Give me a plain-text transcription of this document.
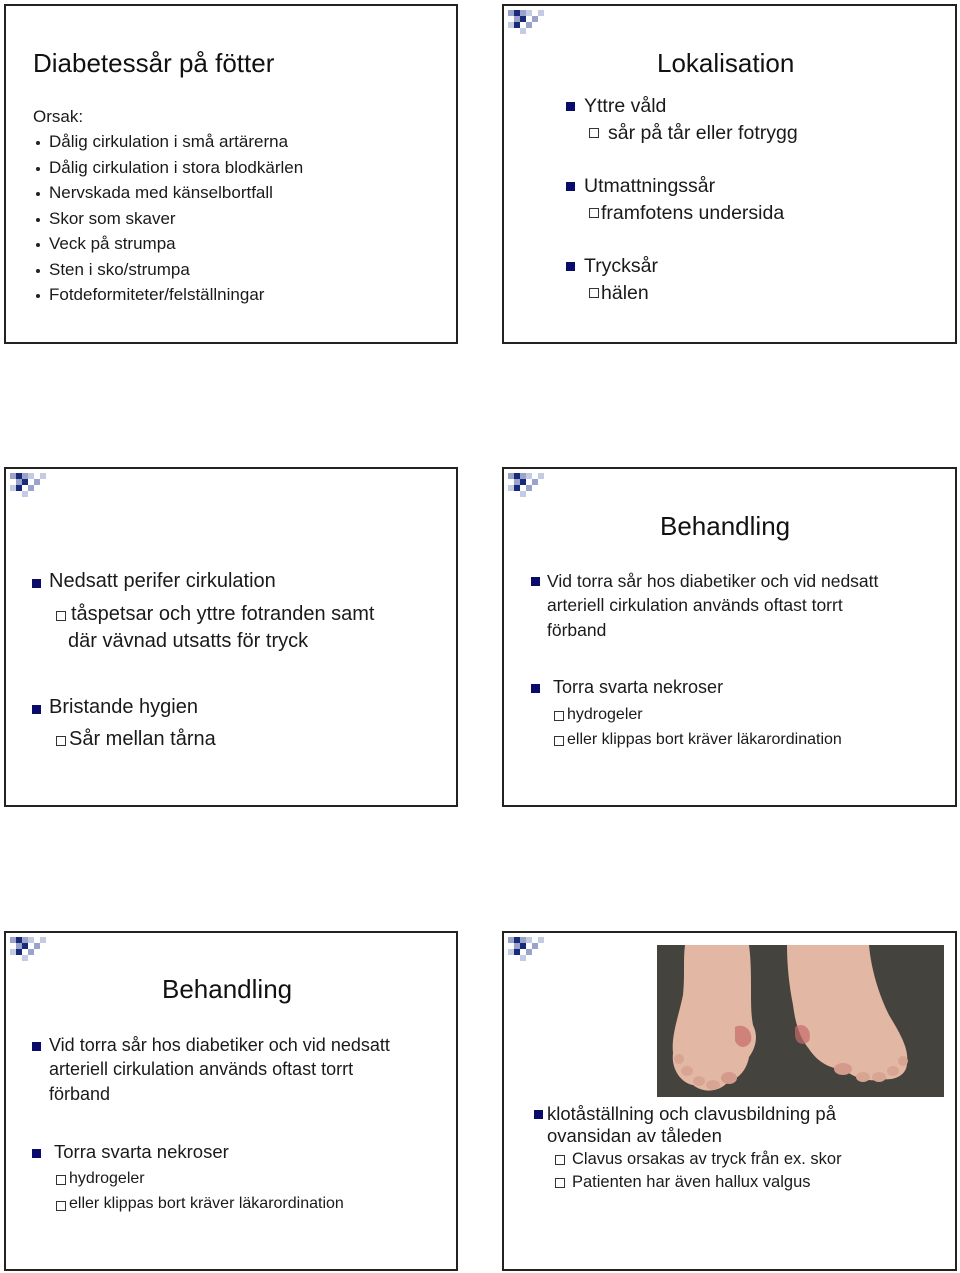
Diabetessår på fötter
Orsak:
Dålig cirkulation i små artärerna
Dålig cirkulation i stora blodkärlen
Nervskada med känselbortfall
Skor som skaver
Veck på strumpa
Sten i sko/strumpa
Fotdeformiteter/felställningar
Lokalisation
Yttre våld
sår på tår eller fotrygg
Utmattningssår
framfotens undersida
Trycksår
hälen
Nedsatt perifer cirkulation
tåspetsar och yttre fotranden samt
där vävnad utsatts för tryck
Bristande hygien
Sår mellan tårna
Behandling
Vid torra sår hos diabetiker och vid nedsatt
arteriell cirkulation används oftast torrt
förband
Torra svarta nekroser
hydrogeler
eller klippas bort kräver läkarordination
Behandling
Vid torra sår hos diabetiker och vid nedsatt
arteriell cirkulation används oftast torrt
förband
Torra svarta nekroser
hydrogeler
eller klippas bort kräver läkarordination
klotåställning och clavusbildning på
ovansidan av tåleden
Clavus orsakas av tryck från ex. skor
Patienten har även hallux valgus
